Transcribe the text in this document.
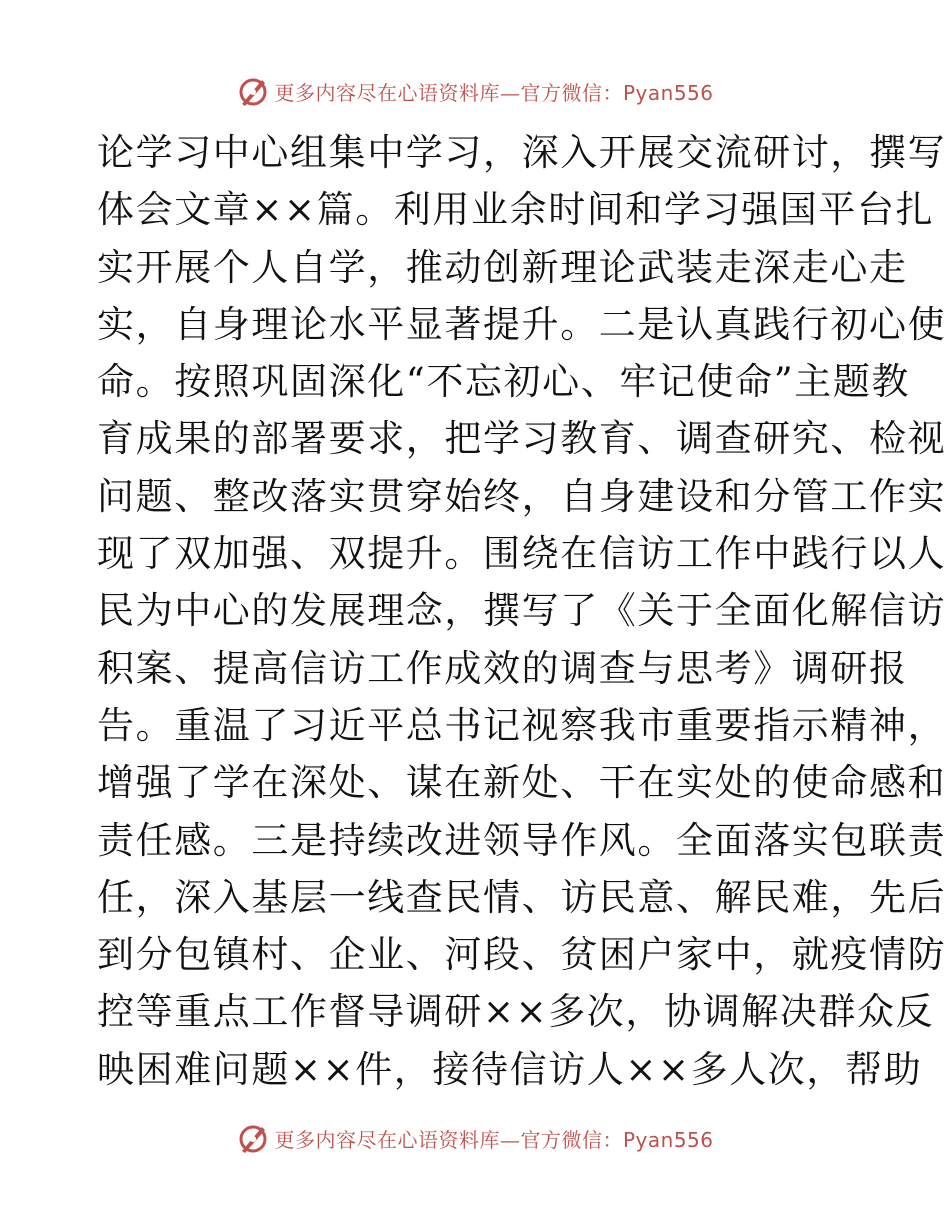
更多内容尽在心语资料库—官方微信：Pyan556
论学习中心组集中学习，深入开展交流研讨，撰写
体会文章××篇。利用业余时间和学习强国平台扎
实开展个人自学，推动创新理论武装走深走心走
实，自身理论水平显著提升。二是认真践行初心使
命。按照巩固深化“不忘初心、牢记使命”主题教
育成果的部署要求，把学习教育、调查研究、检视
问题、整改落实贯穿始终，自身建设和分管工作实
现了双加强、双提升。围绕在信访工作中践行以人
民为中心的发展理念，撰写了《关于全面化解信访
积案、提高信访工作成效的调查与思考》调研报
告。重温了习近平总书记视察我市重要指示精神，
增强了学在深处、谋在新处、干在实处的使命感和
责任感。三是持续改进领导作风。全面落实包联责
任，深入基层一线查民情、访民意、解民难，先后
到分包镇村、企业、河段、贫困户家中，就疫情防
控等重点工作督导调研××多次，协调解决群众反
映困难问题××件，接待信访人××多人次，帮助
更多内容尽在心语资料库—官方微信：Pyan556
